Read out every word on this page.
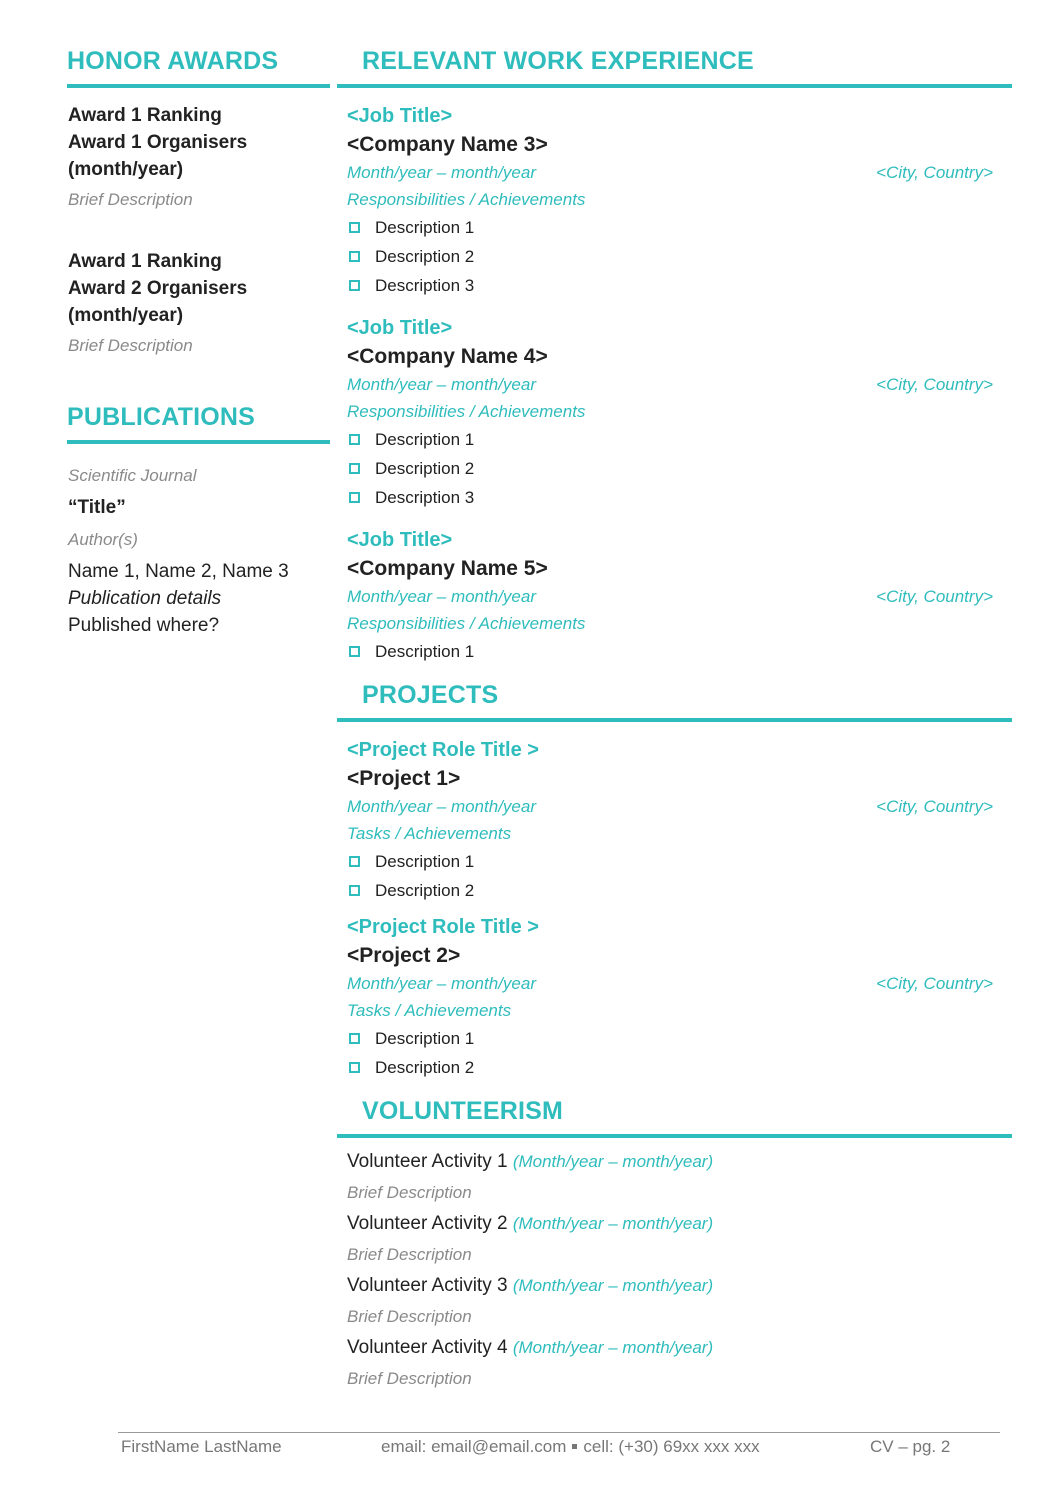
HONOR AWARDS
Award 1 Ranking
Award 1 Organisers
(month/year)
Brief Description
Award 1 Ranking
Award 2 Organisers
(month/year)
Brief Description
PUBLICATIONS
Scientific Journal
“Title”
Author(s)
Name 1, Name 2, Name 3
Publication details
Published where?
RELEVANT WORK EXPERIENCE
<Job Title>
<Company Name 3>
Month/year – month/year	<City, Country>
Responsibilities / Achievements
Description 1
Description 2
Description 3
<Job Title>
<Company Name 4>
Month/year – month/year	<City, Country>
Responsibilities / Achievements
Description 1
Description 2
Description 3
<Job Title>
<Company Name 5>
Month/year – month/year	<City, Country>
Responsibilities / Achievements
Description 1
PROJECTS
<Project Role Title >
<Project 1>
Month/year – month/year	<City, Country>
Tasks / Achievements
Description 1
Description 2
<Project Role Title >
<Project 2>
Month/year – month/year	<City, Country>
Tasks / Achievements
Description 1
Description 2
VOLUNTEERISM
Volunteer Activity 1 (Month/year – month/year)
Brief Description
Volunteer Activity 2 (Month/year – month/year)
Brief Description
Volunteer Activity 3 (Month/year – month/year)
Brief Description
Volunteer Activity 4 (Month/year – month/year)
Brief Description
FirstName LastName	email: email@email.com cell: (+30) 69xx xxx xxx	CV – pg. 2
